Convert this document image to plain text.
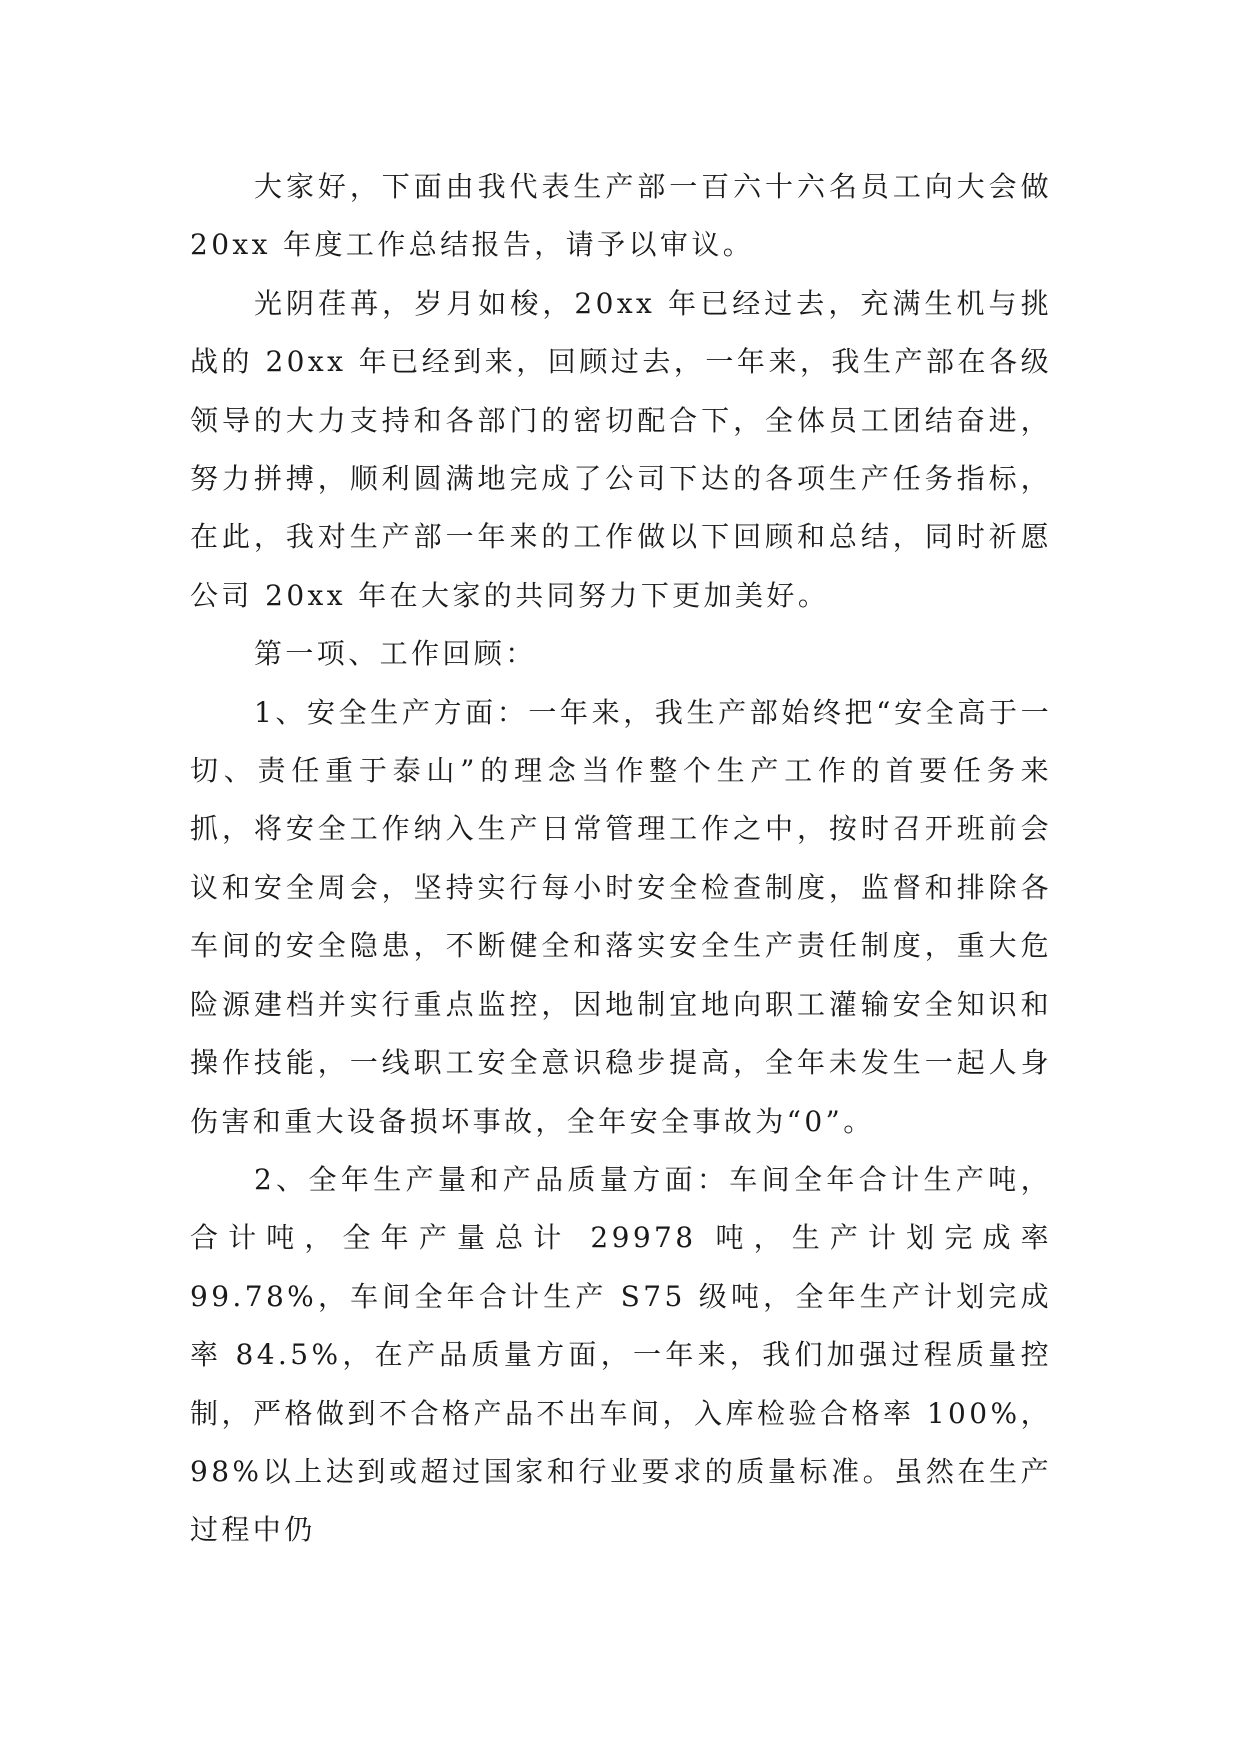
大家好，下面由我代表生产部一百六十六名员工向大会做 20xx 年度工作总结报告，请予以审议。

光阴荏苒，岁月如梭，20xx 年已经过去，充满生机与挑战的 20xx 年已经到来，回顾过去，一年来，我生产部在各级领导的大力支持和各部门的密切配合下，全体员工团结奋进，努力拼搏，顺利圆满地完成了公司下达的各项生产任务指标，在此，我对生产部一年来的工作做以下回顾和总结，同时祈愿公司 20xx 年在大家的共同努力下更加美好。

第一项、工作回顾：

1、安全生产方面：一年来，我生产部始终把“安全高于一切、责任重于泰山”的理念当作整个生产工作的首要任务来抓，将安全工作纳入生产日常管理工作之中，按时召开班前会议和安全周会，坚持实行每小时安全检查制度，监督和排除各车间的安全隐患，不断健全和落实安全生产责任制度，重大危险源建档并实行重点监控，因地制宜地向职工灌输安全知识和操作技能，一线职工安全意识稳步提高，全年未发生一起人身伤害和重大设备损坏事故，全年安全事故为“0”。

2、全年生产量和产品质量方面：车间全年合计生产吨，合计吨，全年产量总计 29978 吨，生产计划完成率 99.78%，车间全年合计生产 S75 级吨，全年生产计划完成率 84.5%，在产品质量方面，一年来，我们加强过程质量控制，严格做到不合格产品不出车间，入库检验合格率 100%，98%以上达到或超过国家和行业要求的质量标准。虽然在生产过程中仍
